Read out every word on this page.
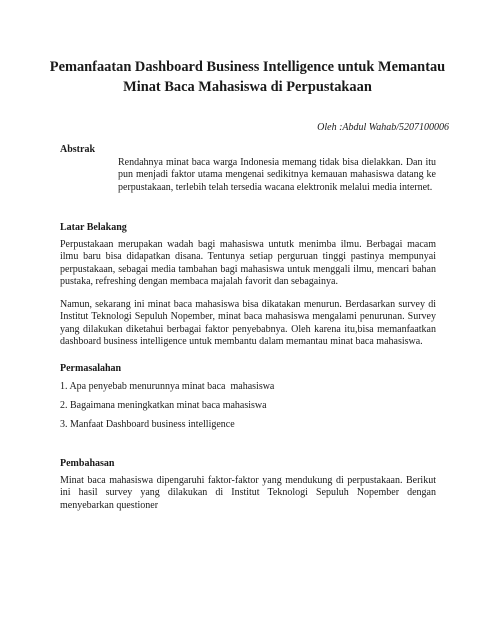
Pemanfaatan Dashboard Business Intelligence untuk Memantau
Minat Baca Mahasiswa di Perpustakaan
Oleh :Abdul Wahab/5207100006
Abstrak

Rendahnya minat baca warga Indonesia memang tidak bisa dielakkan. Dan itu pun menjadi faktor utama mengenai sedikitnya kemauan mahasiswa datang ke perpustakaan, terlebih telah tersedia wacana elektronik melalui media internet.

Latar Belakang

Perpustakaan merupakan wadah bagi mahasiswa untutk menimba ilmu. Berbagai macam ilmu baru bisa didapatkan disana. Tentunya setiap perguruan tinggi pastinya mempunyai perpustakaan, sebagai media tambahan bagi mahasiswa untuk menggali ilmu, mencari bahan pustaka, refreshing dengan membaca majalah favorit dan sebagainya.

Namun, sekarang ini minat baca mahasiswa bisa dikatakan menurun. Berdasarkan survey di Institut Teknologi Sepuluh Nopember, minat baca mahasiswa mengalami penurunan. Survey yang dilakukan diketahui berbagai faktor penyebabnya. Oleh karena itu,bisa memanfaatkan dashboard business intelligence untuk membantu dalam memantau minat baca mahasiswa.

Permasalahan
1. Apa penyebab menurunnya minat baca  mahasiswa
2. Bagaimana meningkatkan minat baca mahasiswa
3. Manfaat Dashboard business intelligence
Pembahasan

Minat baca mahasiswa dipengaruhi faktor-faktor yang mendukung di perpustakaan. Berikut ini hasil survey yang dilakukan di Institut Teknologi Sepuluh Nopember dengan menyebarkan questioner
